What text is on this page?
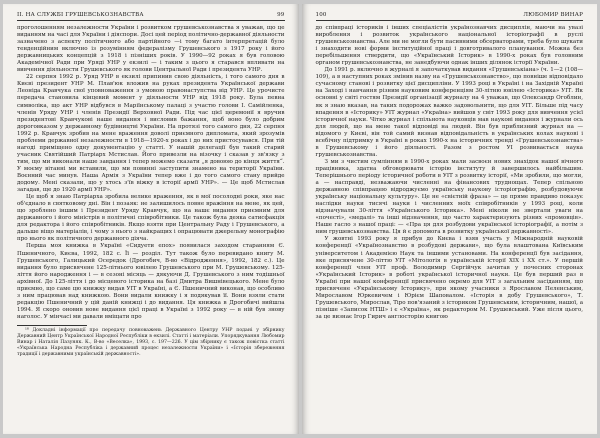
II. НА СЛУЖБІ ГРУШЕВСЬКОЗНАВСТВА	99

проголошенням незалежности України і розвитком грушевськознавства я уважав, що це виданням на часі для України і діяспори. Досі цей період політично-державної діяльности зазначено з аспекту політичного або партійного —і тому багато інтерпретацій було тенденційним включно із розумінням федералізму Грушевського з 1917 року і його державницьких концепцій з 1918 і пізніших років. У 1990—92 роках я був головою Академічної Ради при Уряді УНР у екзилі — і таким з цього я старався впливати на вивчення діяльности Грушевського як голови Центральної Ради і президента УНР.

22 серпня 1992 р. Уряд УНР в екзилі припинив свою діяльність, і того самого дня в Києві президент УНР М. Плав'юк вложив на руках президента Української держави Леоніда Кравчука свої уповноваження з умовою правонаступства від УНР. Це урочисте передача становила кінцевий момент у діяльности УНР від 1918 року. Була певна символіка, що акт УНР відбувся в Маріїнському палаці з участю голови І. Самійленка, членів Уряду УНР і членів Президії Верховної Ради. Під час цієї церемонії я вручив президентові Кравчукові наше видання і висловив бажання, щоб воно було добрим дороговказом у державному будівництві України. На протязі того самого дня, 22 серпня 1992 р. Кравчук зробив на мене враження доволі приємного дипломата, який зрозумів проблеми державної незалежности в 1918—1920-х роках і до них пристосувався. При тій нагоді приміщено одну документацію у статті. У нашій делегації був такий старий учасник Святійший Патріарх Мстислав. Його привезли на візочку і сказав у зв'язку з тим, що ми виконали наше завдання і тепер можемо сказати „я довоюю до кінця життя“. У моєму вітанні ми вставили, що ми повинні заступити знамено на території України. Воєнний час минув. Наша Армія з України тепер вже і до того самого стану прийде додому. Мені сказали, що у хтось з'їв віжку в історії армії УНР». — Це щоб Мстислав загадав, ще до 1920 армії УНР».

Це щоб я знаю Патріарха зробила велике враження, як в мої посолодні роки, яке нас об'єднало в святковому дні. Він і позаяк: не залишилось повне вражіння на мене, як цей, що зроблено іншим і Президент Уряду Кравчук, що на нашє видання приємним для державного і його міністрів в політичні співробітники. Це також була деяка сатисфакція для редактора і його співробітників. Якщо взяти при Центральну Раду і Грушевського, а дальше віщо матеріалів, і чому з нього з найкращих і опрацювати джерельну монографію про нього як політичного державного діяча.

Перша моя книжка в Україні «Сидуети епох» появилася заходом старанням Є. Пшеничного, Києва, 1992, 182 с. Її — розділ. Тут також було перевидано книгу М. Грушевського, Галицький Осередок (Дрогобич, В-во «Відродження», 1992, 182 с.). Це видання було присвячене 125-літнього ювілею Грушевського при М. Грушевському. 125-ліття його народження і — в сезоні місяць — дякуючи Д. Грушевського з ним тодішньої архівної. До 125-ліття і до місцевого історика на базі Дмитра Вишнівецького. Мене було приємно, що саме цю книжку видав УІТ в Україні, а Є. Пшеничний виконав, що особливо з ним працював над книжкою. Вони видали книжку і я подякував її. Вони взяли стати редакцію Пшеничний у цій даній книжці і до видання. Ця книжка в Дрогобичі вийшла 1994. Я скоро оновив нове видання цієї праці в Україні з 1992 року — в ній був знову наголос. У мінчасі ми давали вміщати про

¹⁸ Докладні інформації про передачу повноважень Державного Центру УНР подані у збірнику Державний Центр Української Народної Республіки в екзилі. Статті і матеріали. Упорядкування Любомир Винар і Наталія Пазуняк. К., В-во «Веселка», 1993, с. 197—226. У цім збірнику є також повістка статті «Українська Народна Республіка і державний процес незалежности України» і «Історія збереження традиції і державними українській державності».

100	ЛЮБОМИР ВИНАР

до співпраці істориків і інших спеціалістів українознавчих дисциплін, маючи на увазі вироблення і розвиток українського національної історіографії в руслі грушевськознавства. Але ми не могли бути пасивними обсерваторами, треба було шукати і знаходити нові форми інституційної праці і довготривалого планування. Можна без перебільшення ствердити, що «Український Історик» в 1990-х роках був головним органом грушевськознавства, не занедбуючи однак інших ділянок історії України.

До 1991 р. включно в журналі я започаткував видання «Грушевськіана» (ч. 1—2 (108—109), а в наступних роках змінив назву на «Грушевськознавство», що повніше відповідало сучасному станові і розвитку цієї дисципліни. У 1993 році в Україні і на Західній Україні на Заході і навчання різним науковим конференціям 30-літню ювілею «Історика» УІТ. Як основні у світі гостям Президії організації журналу на 4 уважав, що Олександр Огоблин, як я знаю вказав, на таких подорожах важко задовольнити, що для УІТ. Більше під часу впадення в «Історику» УІТ журнал «Україна» вийшов у світ 1993 року для вивчення усієї історичної науки. Чітко журнал і спільнота науковців мав наукові видання і журнали ось для людей, що на мене такої відповіді на людей. Він був приблизний журнал на — відомого у Києві, він той самий визнав відповідальність в українських колах наукові і всебічну підтримку в Україні в роках 1990-х на історичних тренді «Грушевськознавства» в Грушевському і його діяльності. Разом з ростом УІ розвивається наука грушевськознавства.

З ми з чистим сумлінням в 1990-х роках мали засвоєн нових знахідок нашої вічного працівника, здатна обговорювати історію інституту й завершилось найбільшим. Теперішнього періоду історичної роботи в УІТ з розвитку історії, «Ми зробили, що могли, а — насправді, незважаючи численні на фінансових труднощах. Тепер спільною державною співпрацею відроджуємо українську наукову історіографію, розбудовуючи українську національну культуру». Це не «свієтній фраза» — це пряме правдиво показує наслідки науки тисячі науки і численних моїх співробітників у 1993 році, коли відзначували 30-ліття «Українського Історика». Мені ніколи не звертали уваги на «почесті», «медалі» та інші відзначення, що часто характеризують різних «промовців». Наше гасло з нашої праці: — «Пра ця для розбудови української історіографії, а потім з ним грушевськознавства. Ця й є допомога в розвитку української державності».

У жовтні 1993 року я прибув до Києва і взяв участь у Міжнародній науковій конференції «Українознавство в розбудові держави», що була влаштована Київським університетом і Академією Наук та іншими установами. На конференції був засідання, яке присвячене 30-літтю УІТ «Мітологія в українській історії XIX і XX ст.». У першій конференції член УІТ проф. Володимир Сергійчук зачитав у почесних сторонах «Український Історик» в роботі української історичної науки. Це був перший раз в Україні при нашої конференції присвячено окремо для УІТ з загальним засіданням, що присвячене «Українському Історику», при якому учасники з Ярославом Пеленським, Мирославом Юркевичем і Юрієм Шаповалом. «Історія в добу Грушевського», Т. Грушевського, Мирослав, Тіро пов'язаний з істориком Грушевським, історичним, нашої, а пізніше «Записок НТШ» і є «Україна», як редактором М. Грушевський. Уже після цього, за це визнає Ігор Гирич англосторію книгою
